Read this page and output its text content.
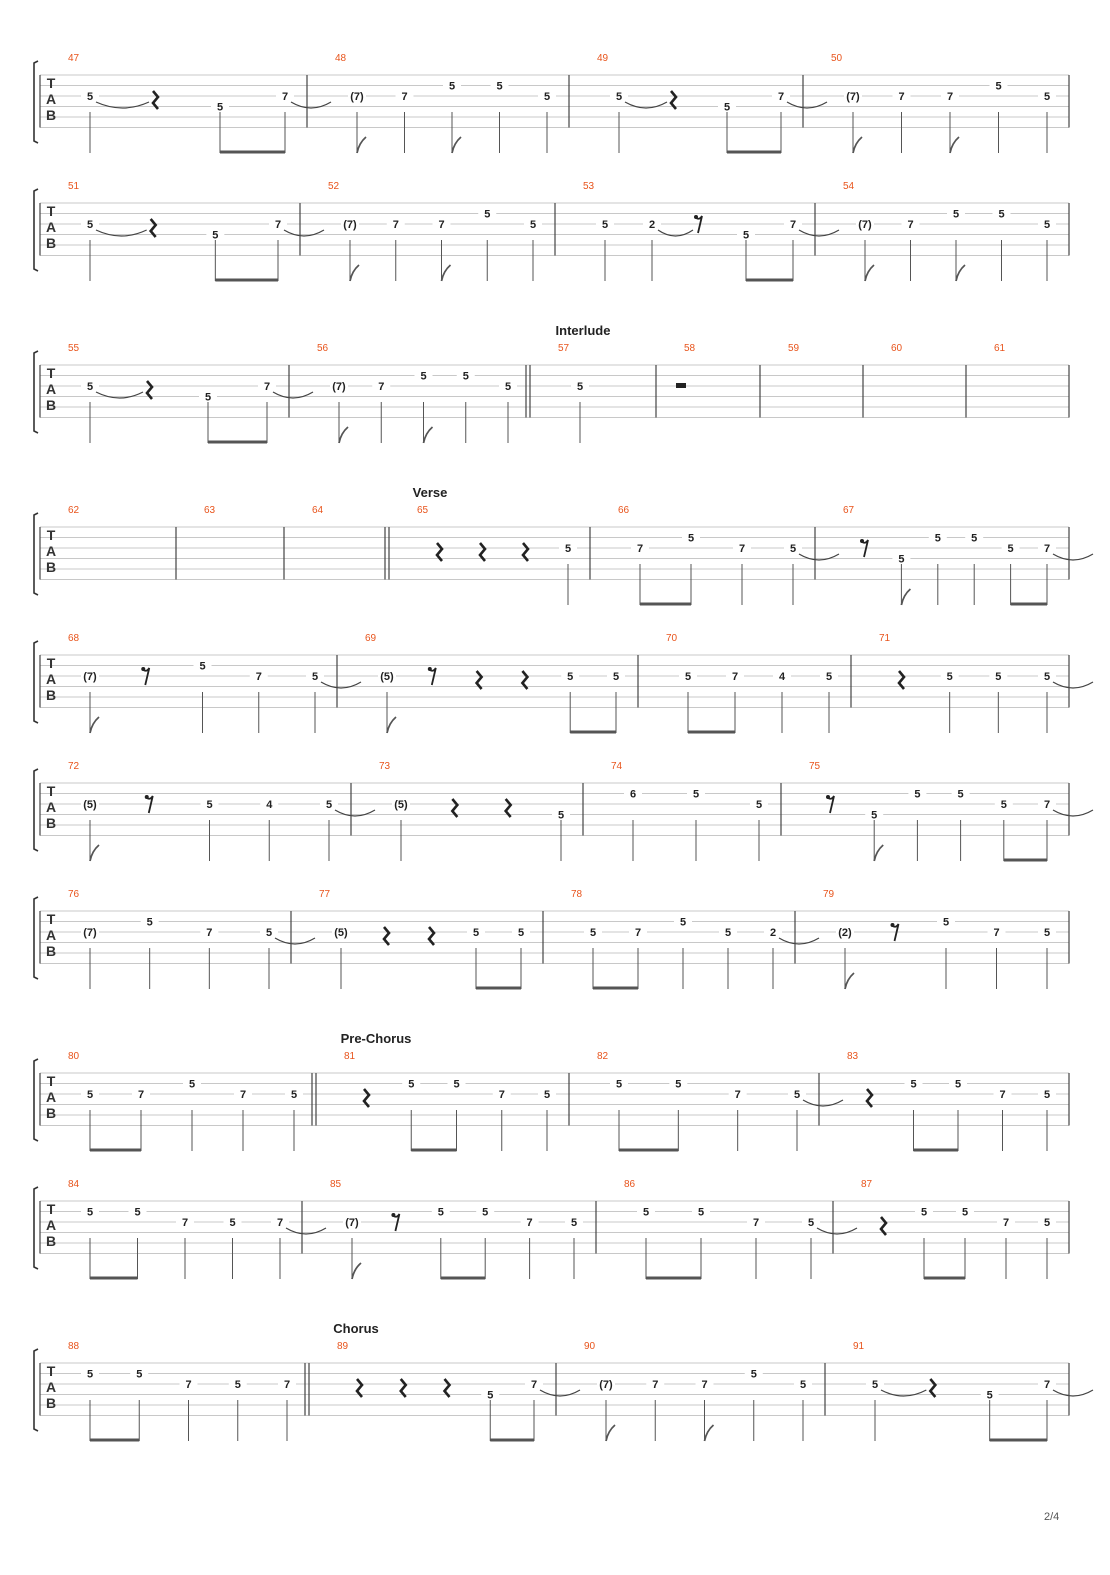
T
A
B
47
5
5
7
48
(7)	7
5	5
5
49
5
5
7
50
(7)	7	7
5
5
T
A
B
51
5
5
7
52
(7)	7	7
5
5
53
5	2
5
7
54
(7)	7
5	5
5
Interlude
T
A
B
55
5
5
7
56
(7)	7
5	5
5
57
5
58	59	60	61
Verse
T
A
B
62	63	64	65
5
66
7
5
7	5
67
5
5	5
5	7
T
A
B
68
(7)
5
7	5
69
(5)	5	5
70
5	7	4	5
71
5	5	5
T
A
B
72
(5)	5	4	5
73
(5)
5
74
6	5
5
75
5
5	5
5	7
T
A
B
76
(7)
5
7	5
77
(5)	5	5
78
5	7
5
5	2
79
(2)
5
7	5
Pre-Chorus
T
A
B
80
5	7
5
7	5
81
5	5
7	5
82
5	5
7	5
83
5	5
7	5
T
A
B
84
5	5
7	5	7
85
(7)
5	5
7	5
86
5	5
7	5
87
5	5
7	5
Chorus
T
A
B
88
5	5
7	5	7
89
5
7
90
(7)	7	7
5
5
91
5
5
7
2/4
